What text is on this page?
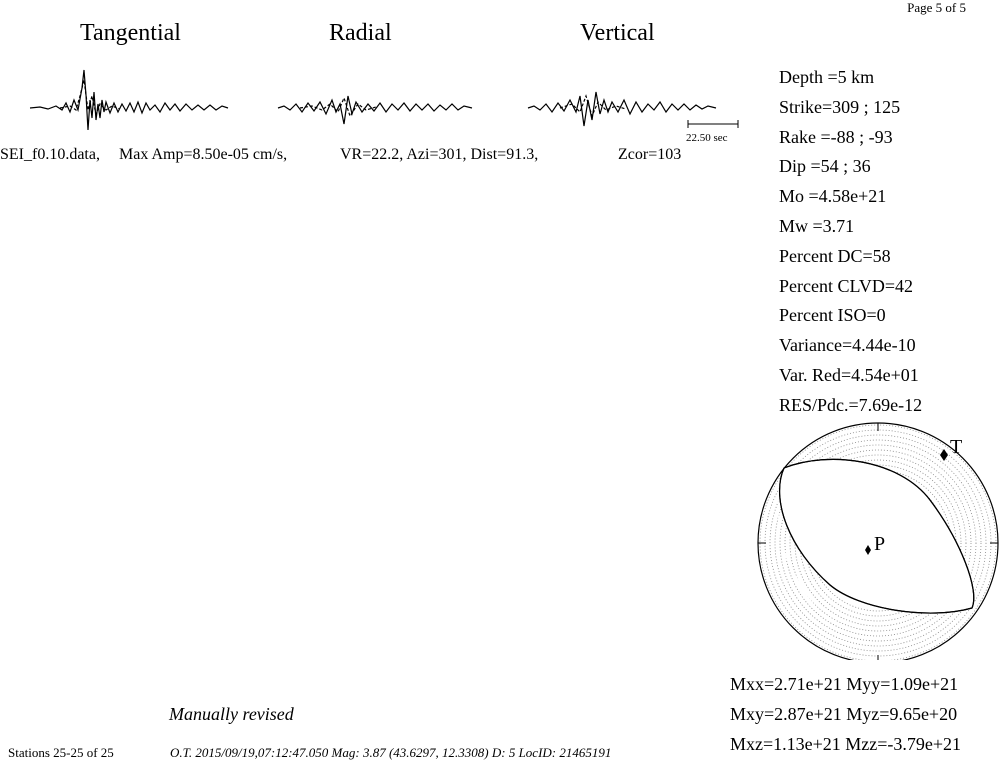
Page 5 of 5
Tangential	Radial	Vertical
22.50 sec
SEI_f0.10.data, Max Amp=8.50e-05 cm/s,	VR=22.2, Azi=301, Dist=91.3,	Zcor=103
Depth =5 km
Strike=309 ; 125
Rake =-88 ; -93
Dip =54 ; 36
Mo =4.58e+21
Mw =3.71
Percent DC=58
Percent CLVD=42
Percent ISO=0
Variance=4.44e-10
Var. Red=4.54e+01
RES/Pdc.=7.69e-12
T
P
Mxx=2.71e+21 Myy=1.09e+21
Mxy=2.87e+21 Myz=9.65e+20
Mxz=1.13e+21 Mzz=-3.79e+21
Manually revised
Stations 25-25 of 25	O.T. 2015/09/19,07:12:47.050 Mag: 3.87 (43.6297, 12.3308) D: 5 LocID: 21465191
